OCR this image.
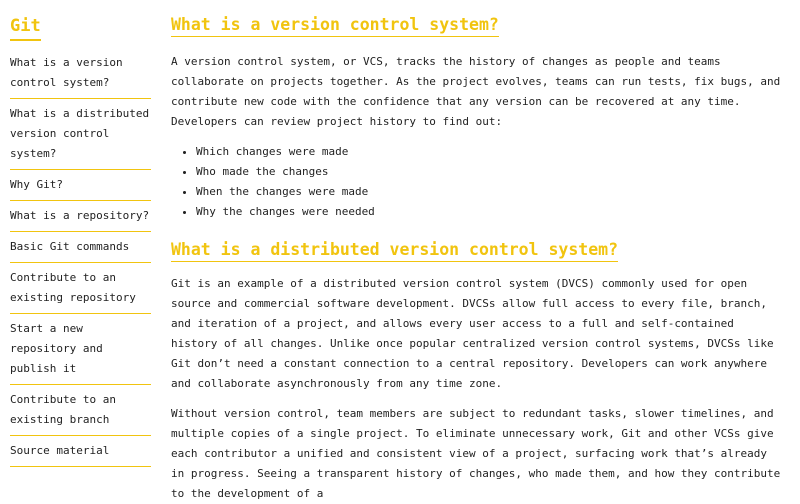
Git
What is a version control system?
What is a distributed version control system?
Why Git?
What is a repository?
Basic Git commands
Contribute to an existing repository
Start a new repository and publish it
Contribute to an existing branch
Source material
What is a version control system?

A version control system, or VCS, tracks the history of changes as people and teams collaborate on projects together. As the project evolves, teams can run tests, fix bugs, and contribute new code with the confidence that any version can be recovered at any time. Developers can review project history to find out:

• Which changes were made
• Who made the changes
• When the changes were made
• Why the changes were needed
What is a distributed version control system?

Git is an example of a distributed version control system (DVCS) commonly used for open source and commercial software development. DVCSs allow full access to every file, branch, and iteration of a project, and allows every user access to a full and self-contained history of all changes. Unlike once popular centralized version control systems, DVCSs like Git don’t need a constant connection to a central repository. Developers can work anywhere and collaborate asynchronously from any time zone.

Without version control, team members are subject to redundant tasks, slower timelines, and multiple copies of a single project. To eliminate unnecessary work, Git and other VCSs give each contributor a unified and consistent view of a project, surfacing work that’s already in progress. Seeing a transparent history of changes, who made them, and how they contribute to the development of a
